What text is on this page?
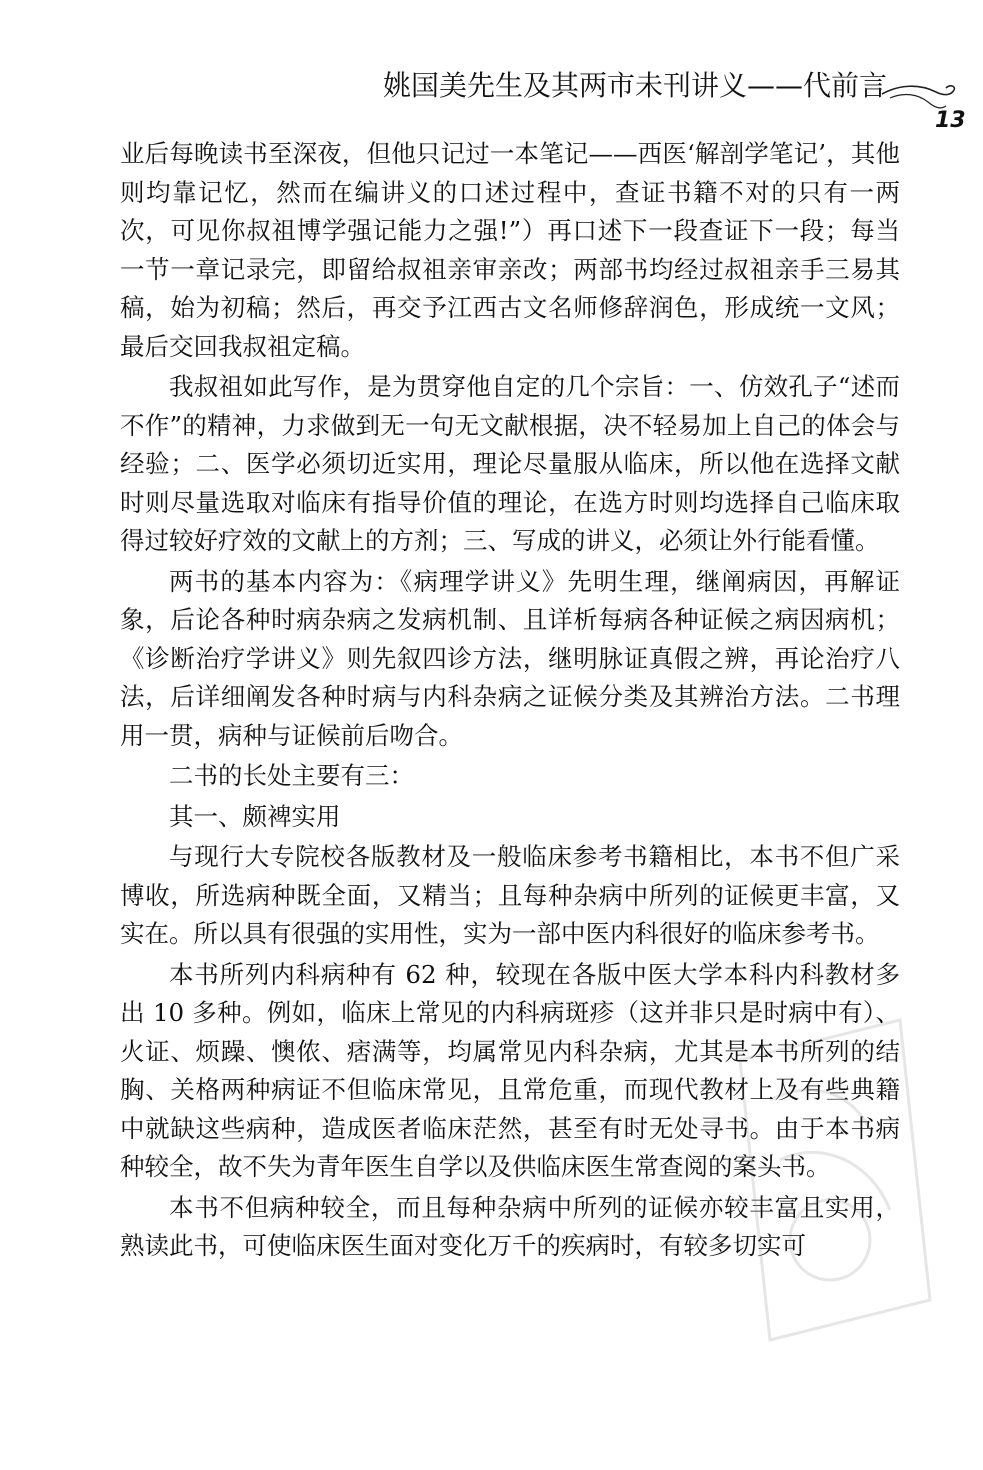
姚国美先生及其两市未刊讲义——代前言
13

业后每晚读书至深夜，但他只记过一本笔记——西医‘解剖学笔记’，其他则均靠记忆，然而在编讲义的口述过程中，查证书籍不对的只有一两次，可见你叔祖博学强记能力之强!”）再口述下一段查证下一段；每当一节一章记录完，即留给叔祖亲审亲改；两部书均经过叔祖亲手三易其稿，始为初稿；然后，再交予江西古文名师修辞润色，形成统一文风；最后交回我叔祖定稿。

我叔祖如此写作，是为贯穿他自定的几个宗旨：一、仿效孔子“述而不作”的精神，力求做到无一句无文献根据，决不轻易加上自己的体会与经验；二、医学必须切近实用，理论尽量服从临床，所以他在选择文献时则尽量选取对临床有指导价值的理论，在选方时则均选择自己临床取得过较好疗效的文献上的方剂；三、写成的讲义，必须让外行能看懂。

两书的基本内容为：《病理学讲义》先明生理，继阐病因，再解证象，后论各种时病杂病之发病机制、且详析每病各种证候之病因病机；《诊断治疗学讲义》则先叙四诊方法，继明脉证真假之辨，再论治疗八法，后详细阐发各种时病与内科杂病之证候分类及其辨治方法。二书理用一贯，病种与证候前后吻合。

二书的长处主要有三：

其一、颇裨实用

与现行大专院校各版教材及一般临床参考书籍相比，本书不但广采博收，所选病种既全面，又精当；且每种杂病中所列的证候更丰富，又实在。所以具有很强的实用性，实为一部中医内科很好的临床参考书。

本书所列内科病种有 62 种，较现在各版中医大学本科内科教材多出 10 多种。例如，临床上常见的内科病斑疹（这并非只是时病中有）、火证、烦躁、懊侬、痞满等，均属常见内科杂病，尤其是本书所列的结胸、关格两种病证不但临床常见，且常危重，而现代教材上及有些典籍中就缺这些病种，造成医者临床茫然，甚至有时无处寻书。由于本书病种较全，故不失为青年医生自学以及供临床医生常查阅的案头书。

本书不但病种较全，而且每种杂病中所列的证候亦较丰富且实用，熟读此书，可使临床医生面对变化万千的疾病时，有较多切实可
